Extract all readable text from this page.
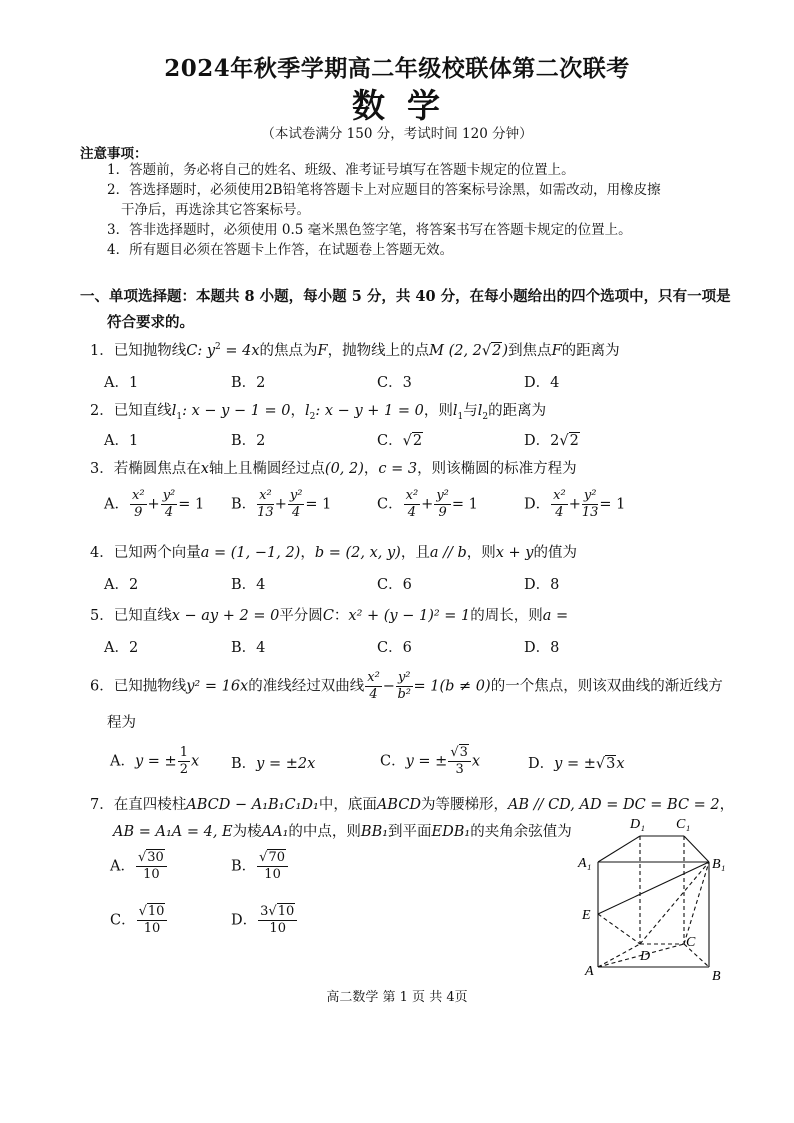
2024年秋季学期高二年级校联体第二次联考
数学
（本试卷满分 150 分，考试时间 120 分钟）
注意事项：
1．答题前，务必将自己的姓名、班级、准考证号填写在答题卡规定的位置上。
2．答选择题时，必须使用2B铅笔将答题卡上对应题目的答案标号涂黑，如需改动，用橡皮擦
干净后，再选涂其它答案标号。
3．答非选择题时，必须使用 0.5 毫米黑色签字笔，将答案书写在答题卡规定的位置上。
4．所有题目必须在答题卡上作答，在试题卷上答题无效。
一、单项选择题：本题共 8 小题，每小题 5 分，共 40 分，在每小题给出的四个选项中，只有一项是
符合要求的。
1．已知抛物线C: $y^2 = 4x$的焦点为F，抛物线上的点M (2, 2√2)到焦点F的距离为
A．1	B．2	C．3	D．4
2．已知直线$l_1$: x − y − 1 = 0，$l_2$: x − y + 1 = 0，则$l_1$与$l_2$的距离为
A．1	B．2	C．√2	D．2√2
3．若椭圆焦点在x轴上且椭圆经过点(0, 2)，c = 3，则该椭圆的标准方程为
A． $\frac{\text{x²}}{9} + \frac{\text{y²}}{4} = 1$ B． $\frac{\text{x²}}{13} + \frac{\text{y²}}{4} = 1$	C． $\frac{\text{x²}}{4} + \frac{\text{y²}}{9} = 1$	D． $\frac{\text{x²}}{4} + \frac{\text{y²}}{13} = 1$
4．已知两个向量a = (1, −1, 2)，b = (2, x, y)，且a // b，则x + y的值为
A．2	B．4	C．6	D．8
5．已知直线x − ay + 2 = 0平分圆C：x² + (y − 1)² = 1的周长，则a =
A．2	B．4	C．6	D．8
6．已知抛物线y² = 16x的准线经过双曲线 $\frac{\text{x²}}{4} - \frac{\text{y²}}{\text{b²}} = 1(b \ne 0)$的一个焦点，则该双曲线的渐近线方
程为
A．y = ± $\frac{1}{2}$ x B．y = ±2x	C．y = ± $\frac{√3}{3}$ x	D．y = ±√3x
7．在直四棱柱ABCD − A₁B₁C₁D₁中，底面ABCD为等腰梯形，AB // CD, AD = DC = BC = 2，
AB = A₁A = 4, E为棱AA₁的中点，则BB₁到平面EDB₁的夹角余弦值为
A． $\frac{√30}{10}$	B． $\frac{√70}{10}$
C． $\frac{√10}{10}$	D． $\frac{3√10}{10}$
D₁ C₁
A₁	B₁
E
C
D
A	B
高二数学 第 1 页 共 4页
